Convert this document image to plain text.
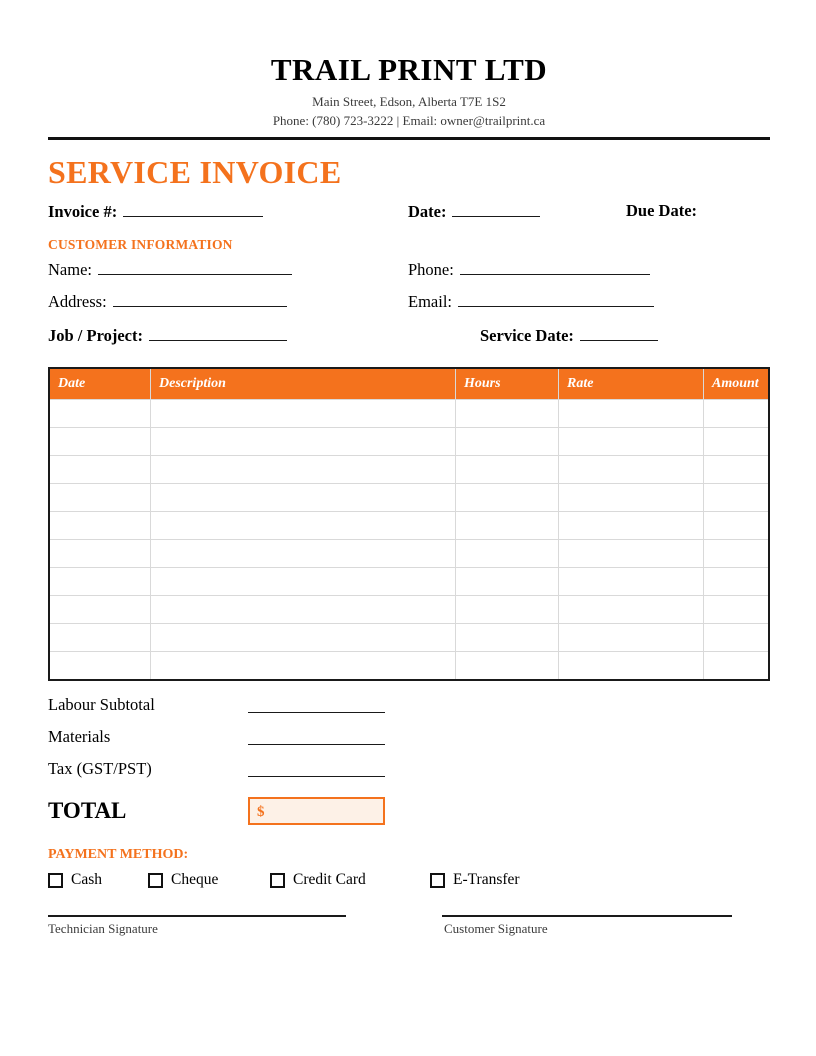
TRAIL PRINT LTD
Main Street, Edson, Alberta T7E 1S2
Phone: (780) 723-3222 | Email: owner@trailprint.ca
SERVICE INVOICE
Invoice #:	Date:	Due Date:
CUSTOMER INFORMATION
Name:	Phone:
Address:	Email:
Job / Project:	Service Date:
Date	Description	Hours	Rate	Amount

Labour Subtotal
Materials
Tax (GST/PST)
TOTAL	$
PAYMENT METHOD:
Cash	Cheque	Credit Card	E-Transfer
Technician Signature	Customer Signature
